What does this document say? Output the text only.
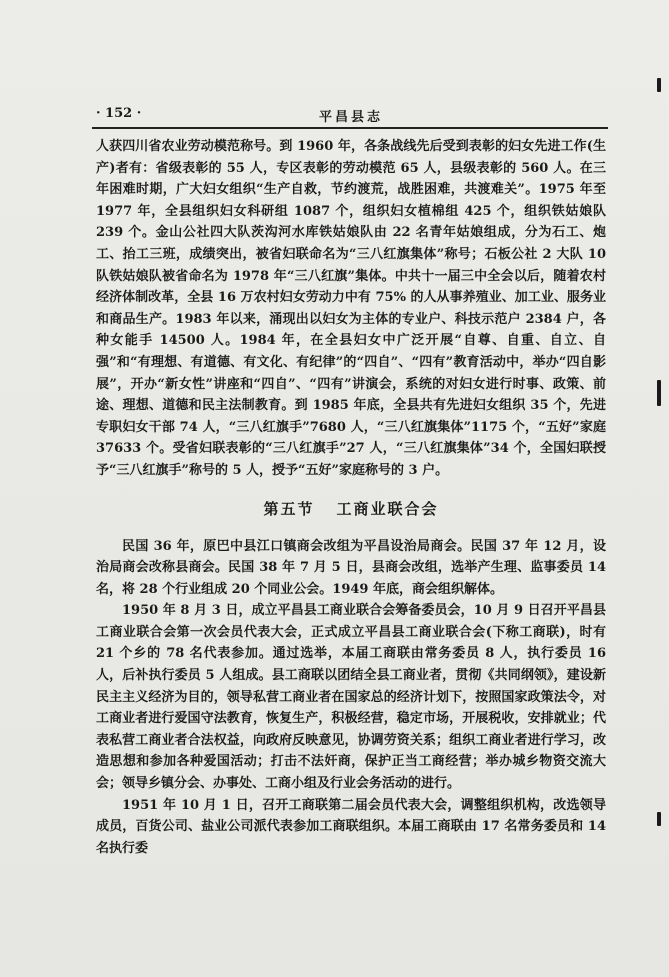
· 152 ·	平昌县志

人获四川省农业劳动模范称号。到 1960 年，各条战线先后受到表彰的妇女先进工作(生产)者有：省级表彰的 55 人，专区表彰的劳动模范 65 人，县级表彰的 560 人。在三年困难时期，广大妇女组织“生产自救，节约渡荒，战胜困难，共渡难关”。1975 年至 1977 年，全县组织妇女科研组 1087 个，组织妇女植棉组 425 个，组织铁姑娘队 239 个。金山公社四大队茨沟河水库铁姑娘队由 22 名青年姑娘组成，分为石工、炮工、抬工三班，成绩突出，被省妇联命名为“三八红旗集体”称号；石板公社 2 大队 10 队铁姑娘队被省命名为 1978 年“三八红旗”集体。中共十一届三中全会以后，随着农村经济体制改革，全县 16 万农村妇女劳动力中有 75% 的人从事养殖业、加工业、服务业和商品生产。1983 年以来，涌现出以妇女为主体的专业户、科技示范户 2384 户，各种女能手 14500 人。1984 年，在全县妇女中广泛开展“自尊、自重、自立、自强”和“有理想、有道德、有文化、有纪律”的“四自”、“四有”教育活动中，举办“四自影展”，开办“新女性”讲座和“四自”、“四有”讲演会，系统的对妇女进行时事、政策、前途、理想、道德和民主法制教育。到 1985 年底，全县共有先进妇女组织 35 个，先进专职妇女干部 74 人，“三八红旗手”7680 人，“三八红旗集体”1175 个，“五好”家庭 37633 个。受省妇联表彰的“三八红旗手”27 人，“三八红旗集体”34 个，全国妇联授予“三八红旗手”称号的 5 人，授予“五好”家庭称号的 3 户。

第五节 工商业联合会

民国 36 年，原巴中县江口镇商会改组为平昌设治局商会。民国 37 年 12 月，设治局商会改称县商会。民国 38 年 7 月 5 日，县商会改组，选举产生理、监事委员 14 名，将 28 个行业组成 20 个同业公会。1949 年底，商会组织解体。

1950 年 8 月 3 日，成立平昌县工商业联合会筹备委员会，10 月 9 日召开平昌县工商业联合会第一次会员代表大会，正式成立平昌县工商业联合会(下称工商联)，时有 21 个乡的 78 名代表参加。通过选举，本届工商联由常务委员 8 人，执行委员 16 人，后补执行委员 5 人组成。县工商联以团结全县工商业者，贯彻《共同纲领》，建设新民主主义经济为目的，领导私营工商业者在国家总的经济计划下，按照国家政策法令，对工商业者进行爱国守法教育，恢复生产，积极经营，稳定市场，开展税收，安排就业；代表私营工商业者合法权益，向政府反映意见，协调劳资关系；组织工商业者进行学习，改造思想和参加各种爱国活动；打击不法奸商，保护正当工商经营；举办城乡物资交流大会；领导乡镇分会、办事处、工商小组及行业会务活动的进行。

1951 年 10 月 1 日，召开工商联第二届会员代表大会，调整组织机构，改选领导成员，百货公司、盐业公司派代表参加工商联组织。本届工商联由 17 名常务委员和 14 名执行委
